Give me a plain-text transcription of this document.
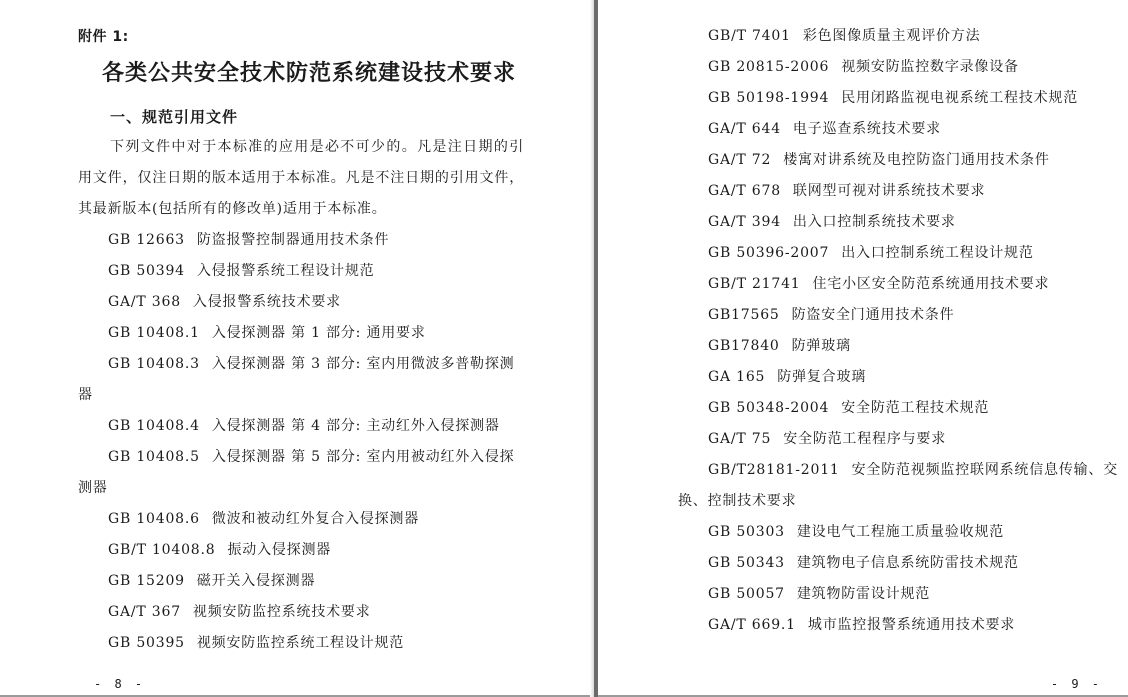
附件 1:
各类公共安全技术防范系统建设技术要求
一、规范引用文件

下列文件中对于本标准的应用是必不可少的。凡是注日期的引用文件，仅注日期的版本适用于本标准。凡是不注日期的引用文件，其最新版本(包括所有的修改单)适用于本标准。

GB 12663 防盗报警控制器通用技术条件

GB 50394 入侵报警系统工程设计规范

GA/T 368 入侵报警系统技术要求

GB 10408.1 入侵探测器 第 1 部分: 通用要求

GB 10408.3 入侵探测器 第 3 部分: 室内用微波多普勒探测器

GB 10408.4 入侵探测器 第 4 部分: 主动红外入侵探测器

GB 10408.5 入侵探测器 第 5 部分: 室内用被动红外入侵探测器

GB 10408.6 微波和被动红外复合入侵探测器

GB/T 10408.8 振动入侵探测器

GB 15209 磁开关入侵探测器

GA/T 367 视频安防监控系统技术要求

GB 50395 视频安防监控系统工程设计规范

- 8 -

GB/T 7401 彩色图像质量主观评价方法

GB 20815-2006 视频安防监控数字录像设备

GB 50198-1994 民用闭路监视电视系统工程技术规范

GA/T 644 电子巡查系统技术要求

GA/T 72 楼寓对讲系统及电控防盗门通用技术条件

GA/T 678 联网型可视对讲系统技术要求

GA/T 394 出入口控制系统技术要求

GB 50396-2007 出入口控制系统工程设计规范

GB/T 21741 住宅小区安全防范系统通用技术要求

GB17565 防盗安全门通用技术条件

GB17840 防弹玻璃

GA 165 防弹复合玻璃

GB 50348-2004 安全防范工程技术规范

GA/T 75 安全防范工程程序与要求

GB/T28181-2011 安全防范视频监控联网系统信息传输、交换、控制技术要求

GB 50303 建设电气工程施工质量验收规范

GB 50343 建筑物电子信息系统防雷技术规范

GB 50057 建筑物防雷设计规范

GA/T 669.1 城市监控报警系统通用技术要求

- 9 -
